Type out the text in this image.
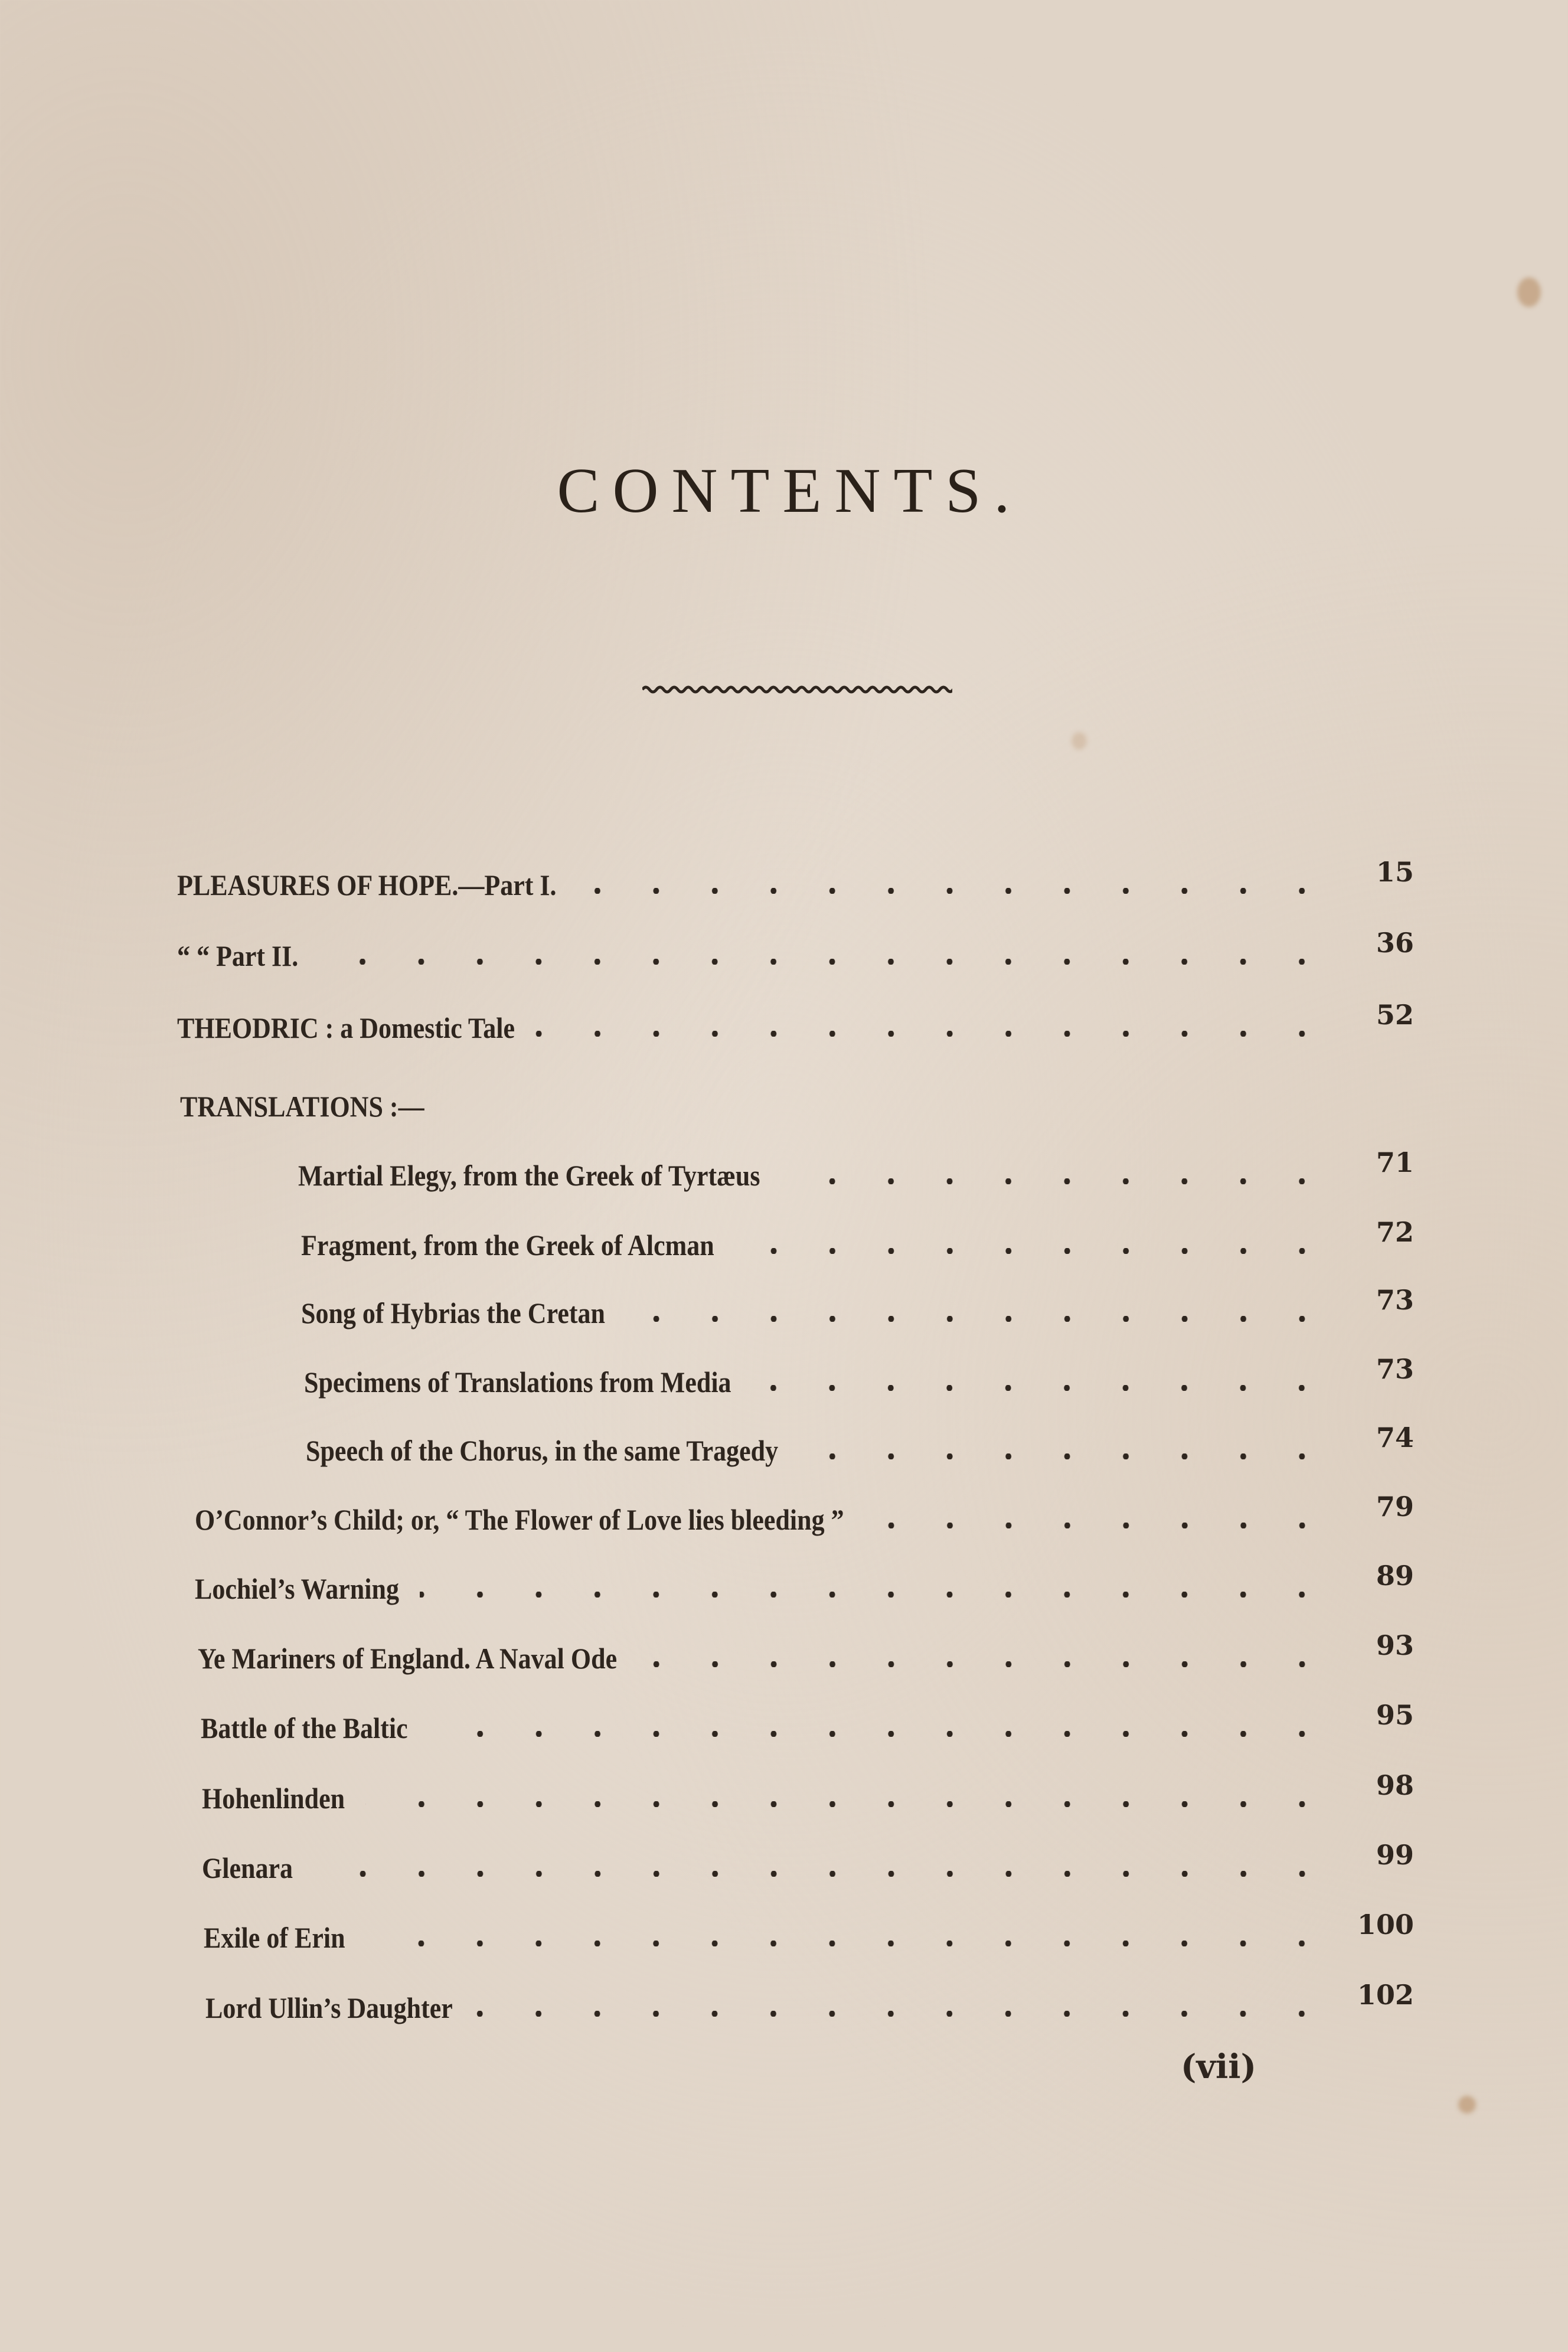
CONTENTS.
PLEASURES OF HOPE.—Part I.	15
“ “ Part II.	36
THEODRIC : a Domestic Tale	52
TRANSLATIONS :—
Martial Elegy, from the Greek of Tyrtæus	71
Fragment, from the Greek of Alcman	72
Song of Hybrias the Cretan	73
Specimens of Translations from Media	73
Speech of the Chorus, in the same Tragedy	74
O’Connor’s Child; or, “ The Flower of Love lies bleeding ”	79
Lochiel’s Warning	89
Ye Mariners of England. A Naval Ode	93
Battle of the Baltic	95
Hohenlinden	98
Glenara	99
Exile of Erin	100
Lord Ullin’s Daughter	102
(vii)
